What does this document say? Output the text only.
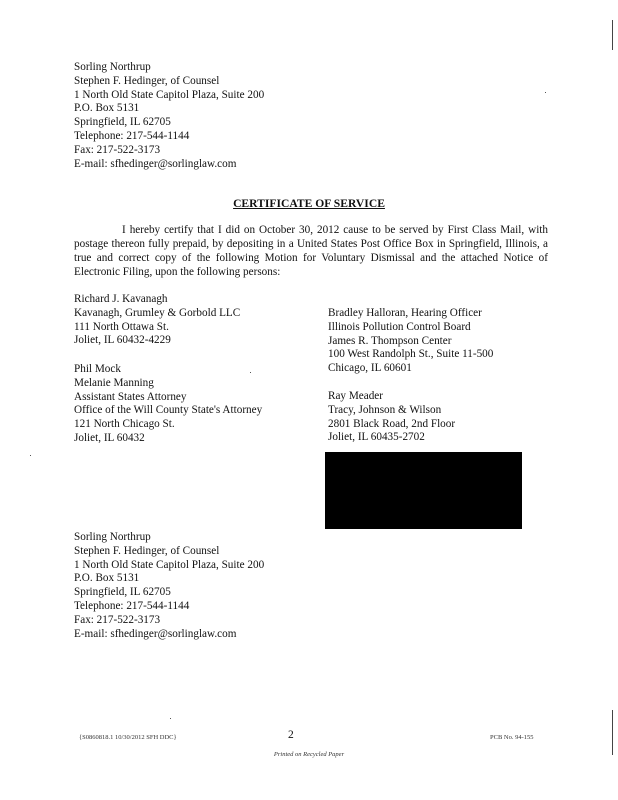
Sorling Northrup
Stephen F. Hedinger, of Counsel
1 North Old State Capitol Plaza, Suite 200
P.O. Box 5131
Springfield, IL 62705
Telephone: 217-544-1144
Fax: 217-522-3173
E-mail: sfhedinger@sorlinglaw.com
CERTIFICATE OF SERVICE
I hereby certify that I did on October 30, 2012 cause to be served by First Class Mail, with postage thereon fully prepaid, by depositing in a United States Post Office Box in Springfield, Illinois, a true and correct copy of the following Motion for Voluntary Dismissal and the attached Notice of Electronic Filing, upon the following persons:
Richard J. Kavanagh
Kavanagh, Grumley & Gorbold LLC
111 North Ottawa St.
Joliet, IL 60432-4229
Phil Mock
Melanie Manning
Assistant States Attorney
Office of the Will County State's Attorney
121 North Chicago St.
Joliet, IL 60432
Bradley Halloran, Hearing Officer
Illinois Pollution Control Board
James R. Thompson Center
100 West Randolph St., Suite 11-500
Chicago, IL 60601
Ray Meader
Tracy, Johnson & Wilson
2801 Black Road, 2nd Floor
Joliet, IL 60435-2702
Sorling Northrup
Stephen F. Hedinger, of Counsel
1 North Old State Capitol Plaza, Suite 200
P.O. Box 5131
Springfield, IL 62705
Telephone: 217-544-1144
Fax: 217-522-3173
E-mail: sfhedinger@sorlinglaw.com
{S0860818.1 10/30/2012 SFH DDC}	2	PCB No. 94-155
Printed on Recycled Paper
